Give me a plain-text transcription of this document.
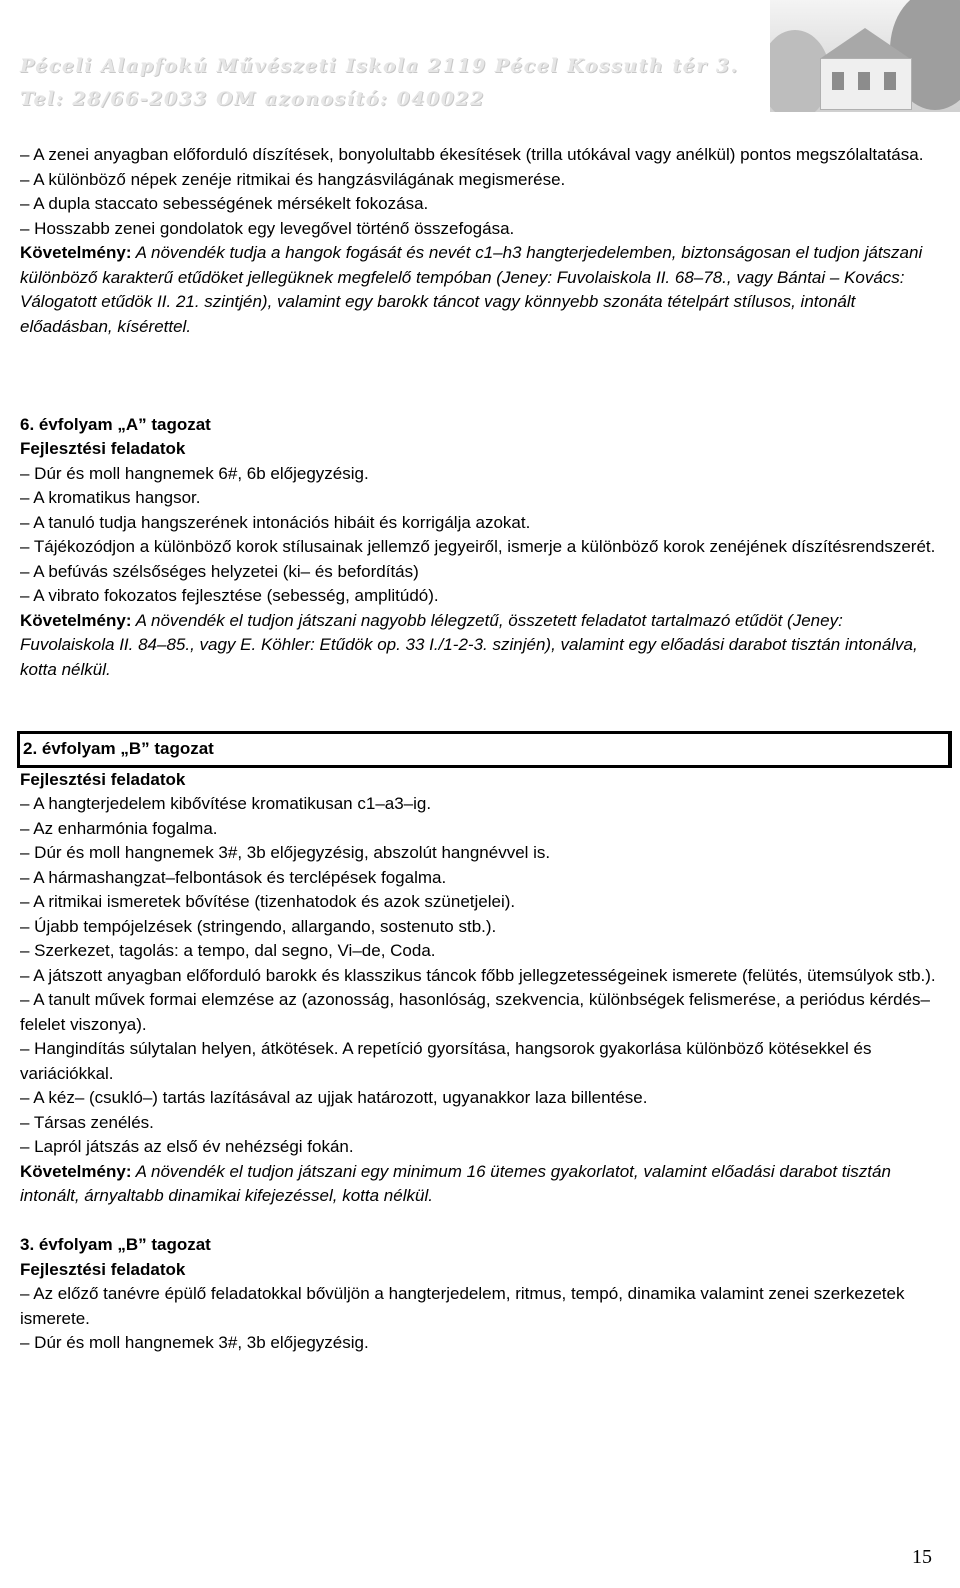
Péceli Alapfokú Művészeti Iskola 2119 Pécel Kossuth tér 3.
Tel: 28/66-2033 OM azonosító: 040022

– A zenei anyagban előforduló díszítések, bonyolultabb ékesítések (trilla utókával vagy anélkül) pontos megszólaltatása.

– A különböző népek zenéje ritmikai és hangzásvilágának megismerése.

– A dupla staccato sebességének mérsékelt fokozása.

– Hosszabb zenei gondolatok egy levegővel történő összefogása.

Követelmény: A növendék tudja a hangok fogását és nevét c1–h3 hangterjedelemben, biztonságosan el tudjon játszani különböző karakterű etűdöket jellegüknek megfelelő tempóban (Jeney: Fuvolaiskola II. 68–78., vagy Bántai – Kovács: Válogatott etűdök II. 21. szintjén), valamint egy barokk táncot vagy könnyebb szonáta tételpárt stílusos, intonált előadásban, kísérettel.

6. évfolyam „A” tagozat

Fejlesztési feladatok

– Dúr és moll hangnemek 6#, 6b előjegyzésig.

– A kromatikus hangsor.

– A tanuló tudja hangszerének intonációs hibáit és korrigálja azokat.

– Tájékozódjon a különböző korok stílusainak jellemző jegyeiről, ismerje a különböző korok zenéjének díszítésrendszerét.

– A befúvás szélsőséges helyzetei (ki– és befordítás)

– A vibrato fokozatos fejlesztése (sebesség, amplitúdó).

Követelmény: A növendék el tudjon játszani nagyobb lélegzetű, összetett feladatot tartalmazó etűdöt (Jeney: Fuvolaiskola II. 84–85., vagy E. Köhler: Etűdök op. 33 I./1-2-3. szinjén), valamint egy előadási darabot tisztán intonálva, kotta nélkül.

2. évfolyam „B” tagozat

Fejlesztési feladatok

– A hangterjedelem kibővítése kromatikusan c1–a3–ig.

– Az enharmónia fogalma.

– Dúr és moll hangnemek 3#, 3b előjegyzésig, abszolút hangnévvel is.

– A hármashangzat–felbontások és terclépések fogalma.

– A ritmikai ismeretek bővítése (tizenhatodok és azok szünetjelei).

– Újabb tempójelzések (stringendo, allargando, sostenuto stb.).

– Szerkezet, tagolás: a tempo, dal segno, Vi–de, Coda.

– A játszott anyagban előforduló barokk és klasszikus táncok főbb jellegzetességeinek ismerete (felütés, ütemsúlyok stb.).

– A tanult művek formai elemzése az (azonosság, hasonlóság, szekvencia, különbségek felismerése, a periódus kérdés–felelet viszonya).

– Hangindítás súlytalan helyen, átkötések. A repetíció gyorsítása, hangsorok gyakorlása különböző kötésekkel és variációkkal.

– A kéz– (csukló–) tartás lazításával az ujjak határozott, ugyanakkor laza billentése.

– Társas zenélés.

– Lapról játszás az első év nehézségi fokán.

Követelmény: A növendék el tudjon játszani egy minimum 16 ütemes gyakorlatot, valamint előadási darabot tisztán intonált, árnyaltabb dinamikai kifejezéssel, kotta nélkül.

3. évfolyam „B” tagozat

Fejlesztési feladatok

– Az előző tanévre épülő feladatokkal bővüljön a hangterjedelem, ritmus, tempó, dinamika valamint zenei szerkezetek ismerete.

– Dúr és moll hangnemek 3#, 3b előjegyzésig.

15
